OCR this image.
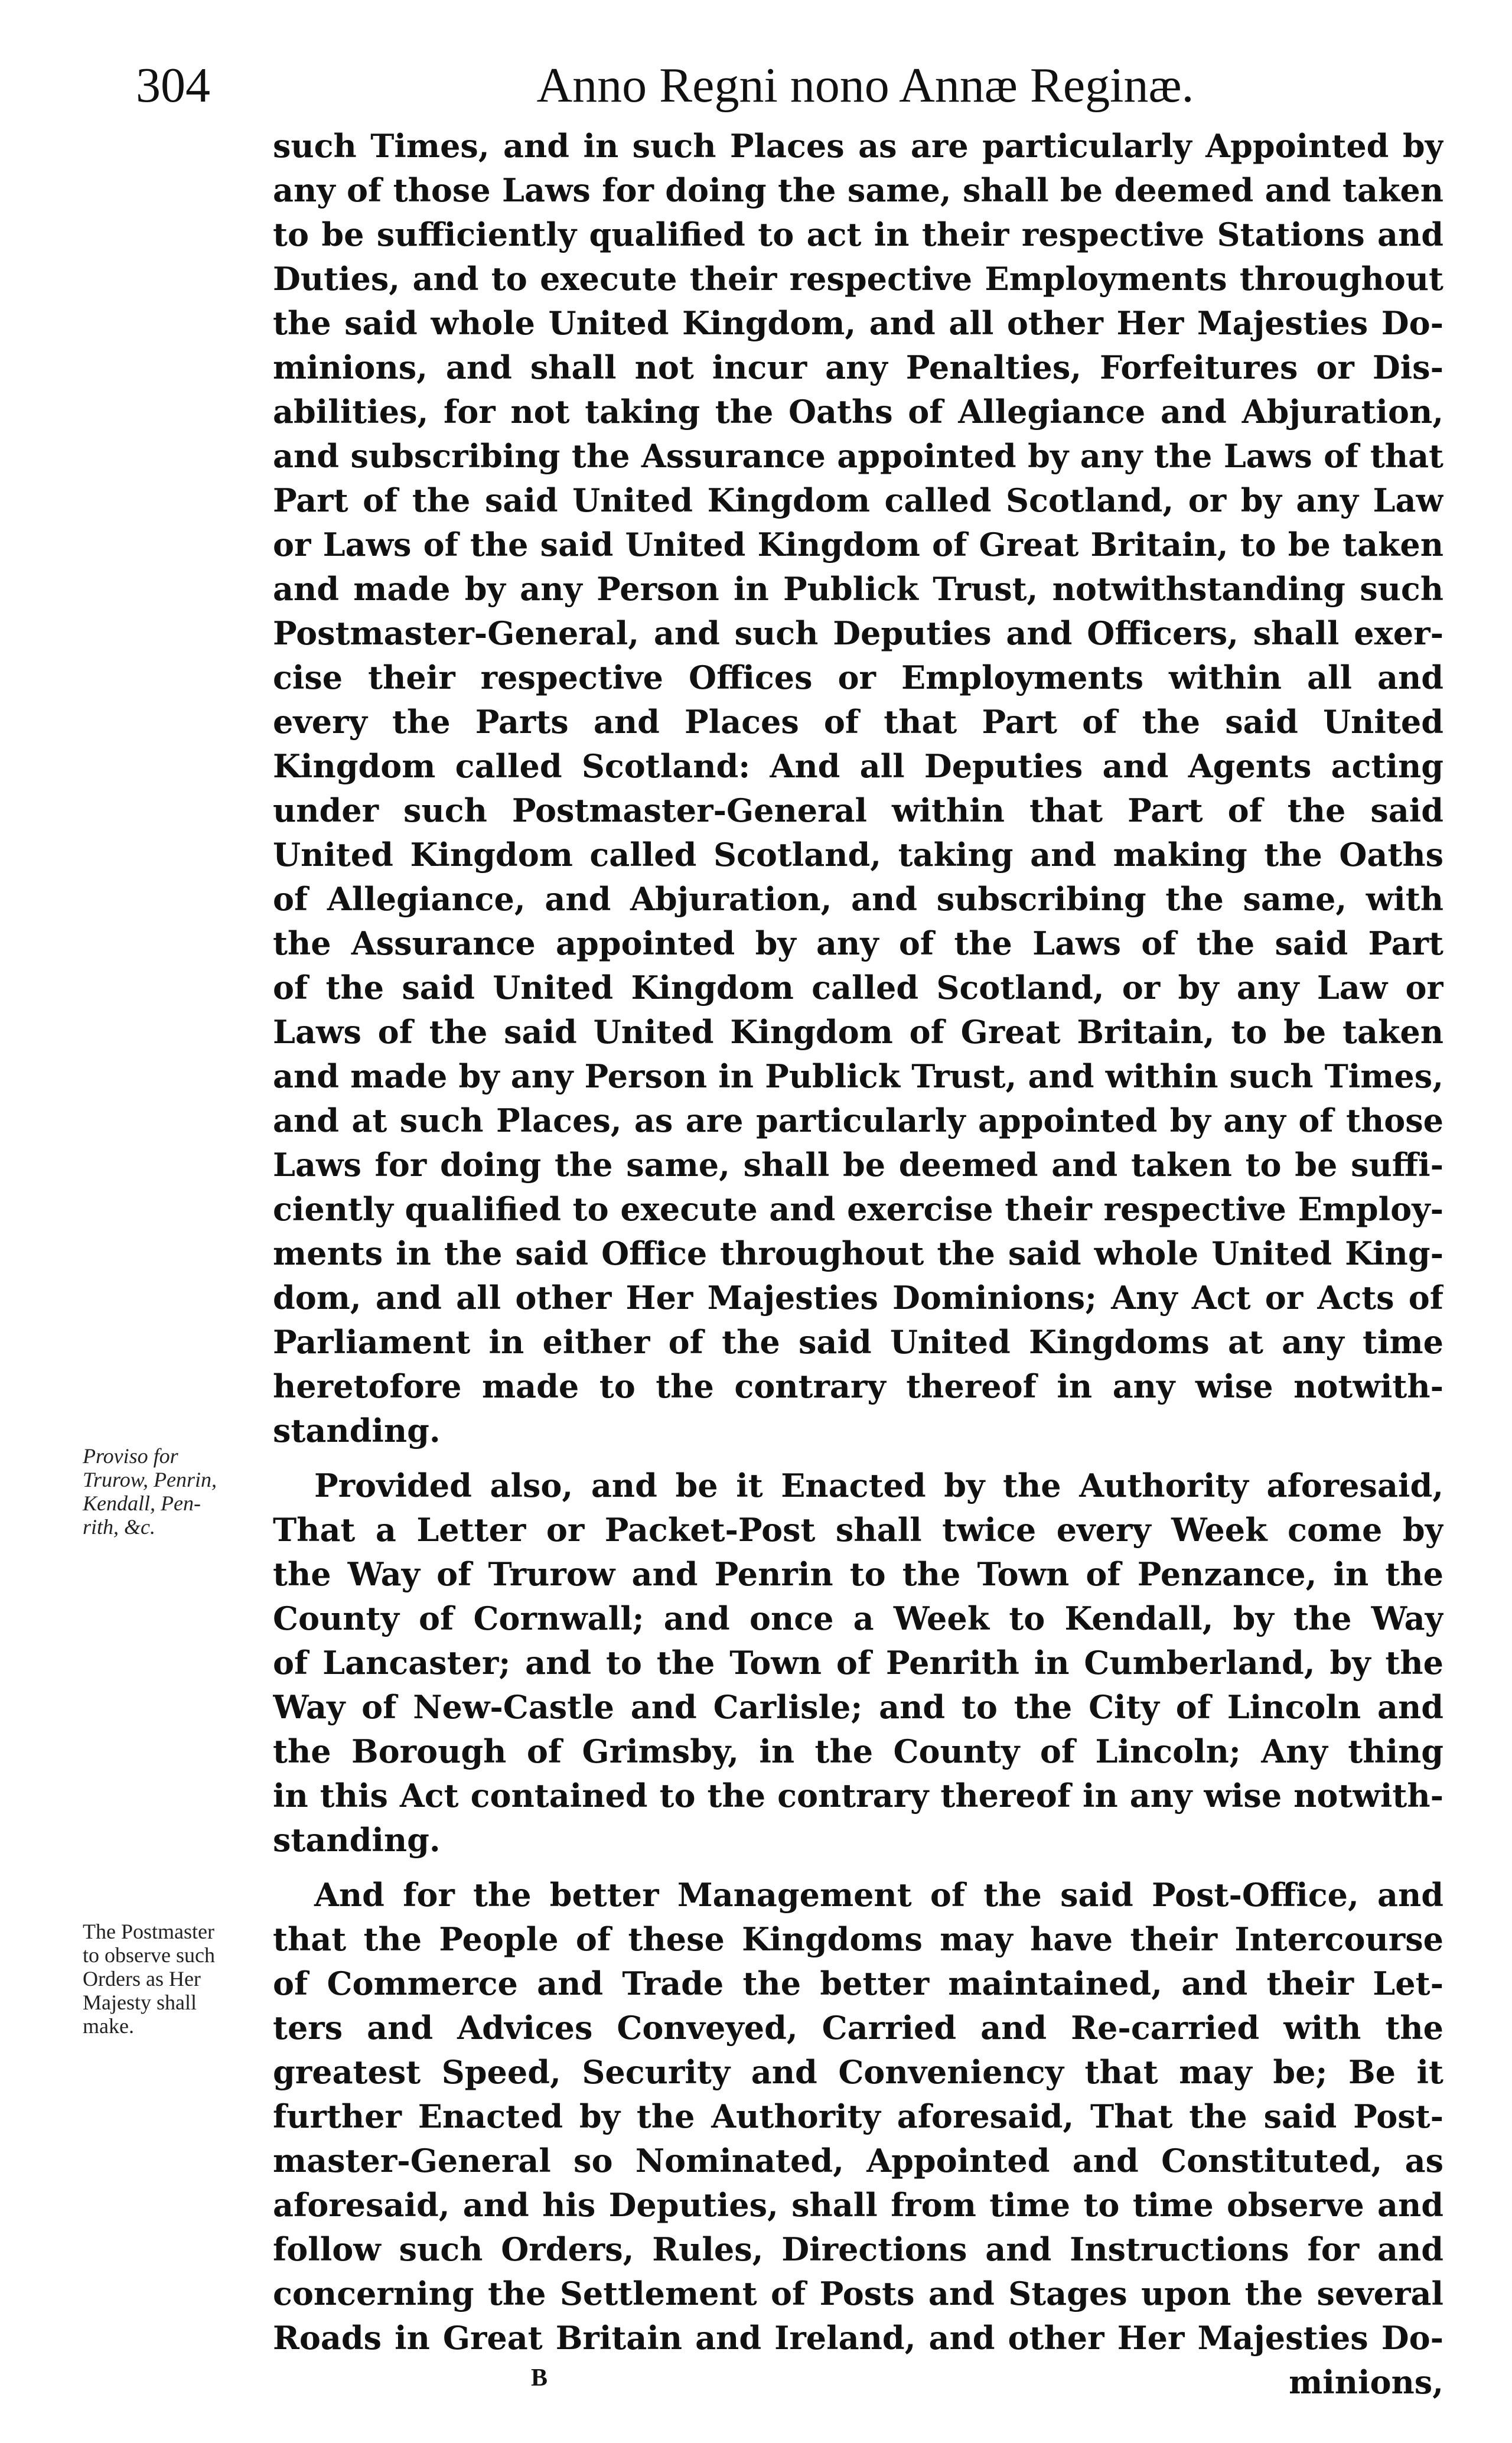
304	Anno Regni nono Annæ Reginæ.
such Times, and in such Places as are particularly Appointed by
any of those Laws for doing the same, shall be deemed and taken
to be sufficiently qualified to act in their respective Stations and
Duties, and to execute their respective Employments throughout
the said whole United Kingdom, and all other Her Majesties Do-
minions, and shall not incur any Penalties, Forfeitures or Dis-
abilities, for not taking the Oaths of Allegiance and Abjuration,
and subscribing the Assurance appointed by any the Laws of that
Part of the said United Kingdom called Scotland, or by any Law
or Laws of the said United Kingdom of Great Britain, to be taken
and made by any Person in Publick Trust, notwithstanding such
Postmaster-General, and such Deputies and Officers, shall exer-
cise their respective Offices or Employments within all and
every the Parts and Places of that Part of the said United
Kingdom called Scotland: And all Deputies and Agents acting
under such Postmaster-General within that Part of the said
United Kingdom called Scotland, taking and making the Oaths
of Allegiance, and Abjuration, and subscribing the same, with
the Assurance appointed by any of the Laws of the said Part
of the said United Kingdom called Scotland, or by any Law or
Laws of the said United Kingdom of Great Britain, to be taken
and made by any Person in Publick Trust, and within such Times,
and at such Places, as are particularly appointed by any of those
Laws for doing the same, shall be deemed and taken to be suffi-
ciently qualified to execute and exercise their respective Employ-
ments in the said Office throughout the said whole United King-
dom, and all other Her Majesties Dominions; Any Act or Acts of
Parliament in either of the said United Kingdoms at any time
heretofore made to the contrary thereof in any wise notwith-
standing.
Provided also, and be it Enacted by the Authority aforesaid,
That a Letter or Packet-Post shall twice every Week come by
the Way of Trurow and Penrin to the Town of Penzance, in the
County of Cornwall; and once a Week to Kendall, by the Way
of Lancaster; and to the Town of Penrith in Cumberland, by the
Way of New-Castle and Carlisle; and to the City of Lincoln and
the Borough of Grimsby, in the County of Lincoln; Any thing
in this Act contained to the contrary thereof in any wise notwith-
standing.
And for the better Management of the said Post-Office, and
that the People of these Kingdoms may have their Intercourse
of Commerce and Trade the better maintained, and their Let-
ters and Advices Conveyed, Carried and Re-carried with the
greatest Speed, Security and Conveniency that may be; Be it
further Enacted by the Authority aforesaid, That the said Post-
master-General so Nominated, Appointed and Constituted, as
aforesaid, and his Deputies, shall from time to time observe and
follow such Orders, Rules, Directions and Instructions for and
concerning the Settlement of Posts and Stages upon the several
Roads in Great Britain and Ireland, and other Her Majesties Do-
B	minions,
Proviso for
Trurow, Penrin,
Kendall, Pen-
rith, &c.
The Postmaster
to observe such
Orders as Her
Majesty shall
make.
